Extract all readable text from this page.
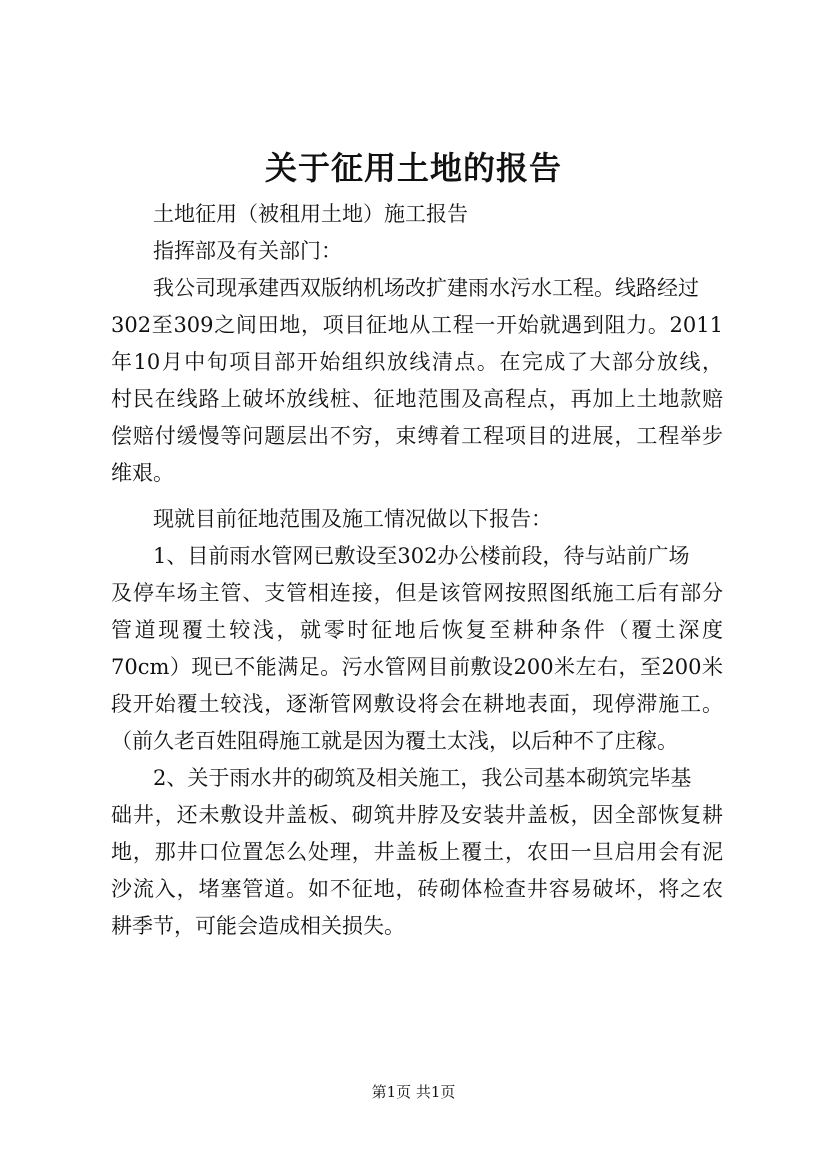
关于征用土地的报告
土地征用（被租用土地）施工报告
指挥部及有关部门：
我公司现承建西双版纳机场改扩建雨水污水工程。线路经过
302至309之间田地，项目征地从工程一开始就遇到阻力。2011
年10月中旬项目部开始组织放线清点。在完成了大部分放线，
村民在线路上破坏放线桩、征地范围及高程点，再加上土地款赔
偿赔付缓慢等问题层出不穷，束缚着工程项目的进展，工程举步
维艰。
现就目前征地范围及施工情况做以下报告：
1、目前雨水管网已敷设至302办公楼前段，待与站前广场
及停车场主管、支管相连接，但是该管网按照图纸施工后有部分
管道现覆土较浅，就零时征地后恢复至耕种条件（覆土深度
70cm）现已不能满足。污水管网目前敷设200米左右，至200米
段开始覆土较浅，逐渐管网敷设将会在耕地表面，现停滞施工。
（前久老百姓阻碍施工就是因为覆土太浅，以后种不了庄稼。
2、关于雨水井的砌筑及相关施工，我公司基本砌筑完毕基
础井，还未敷设井盖板、砌筑井脖及安装井盖板，因全部恢复耕
地，那井口位置怎么处理，井盖板上覆土，农田一旦启用会有泥
沙流入，堵塞管道。如不征地，砖砌体检查井容易破坏，将之农
耕季节，可能会造成相关损失。
第1页 共1页
